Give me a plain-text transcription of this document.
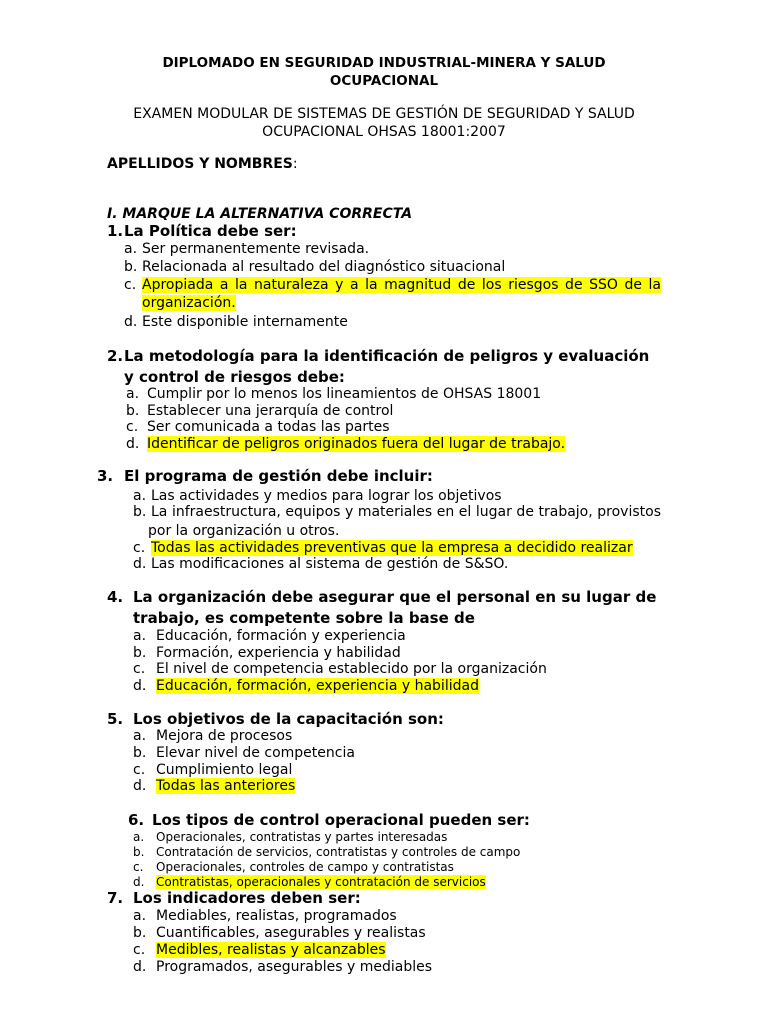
DIPLOMADO EN SEGURIDAD INDUSTRIAL-MINERA Y SALUD
OCUPACIONAL
EXAMEN MODULAR DE SISTEMAS DE GESTIÓN DE SEGURIDAD Y SALUD
OCUPACIONAL OHSAS 18001:2007
APELLIDOS Y NOMBRES:
I. MARQUE LA ALTERNATIVA CORRECTA
1. La Política debe ser:
a. Ser permanentemente revisada.
b. Relacionada al resultado del diagnóstico situacional
c. Apropiada a la naturaleza y a la magnitud de los riesgos de SSO de la
organización.
d. Este disponible internamente
2. La metodología para la identificación de peligros y evaluación
y control de riesgos debe:
a. Cumplir por lo menos los lineamientos de OHSAS 18001
b. Establecer una jerarquía de control
c. Ser comunicada a todas las partes
d. Identificar de peligros originados fuera del lugar de trabajo.
3. El programa de gestión debe incluir:
a. Las actividades y medios para lograr los objetivos
b. La infraestructura, equipos y materiales en el lugar de trabajo, provistos
por la organización u otros.
c. Todas las actividades preventivas que la empresa a decidido realizar
d. Las modificaciones al sistema de gestión de S&SO.
4. La organización debe asegurar que el personal en su lugar de
trabajo, es competente sobre la base de
a. Educación, formación y experiencia
b. Formación, experiencia y habilidad
c. El nivel de competencia establecido por la organización
d. Educación, formación, experiencia y habilidad
5. Los objetivos de la capacitación son:
a. Mejora de procesos
b. Elevar nivel de competencia
c. Cumplimiento legal
d. Todas las anteriores
6. Los tipos de control operacional pueden ser:
a. Operacionales, contratistas y partes interesadas
b. Contratación de servicios, contratistas y controles de campo
c. Operacionales, controles de campo y contratistas
d. Contratistas, operacionales y contratación de servicios
7. Los indicadores deben ser:
a. Mediables, realistas, programados
b. Cuantificables, asegurables y realistas
c. Medibles, realistas y alcanzables
d. Programados, asegurables y mediables
